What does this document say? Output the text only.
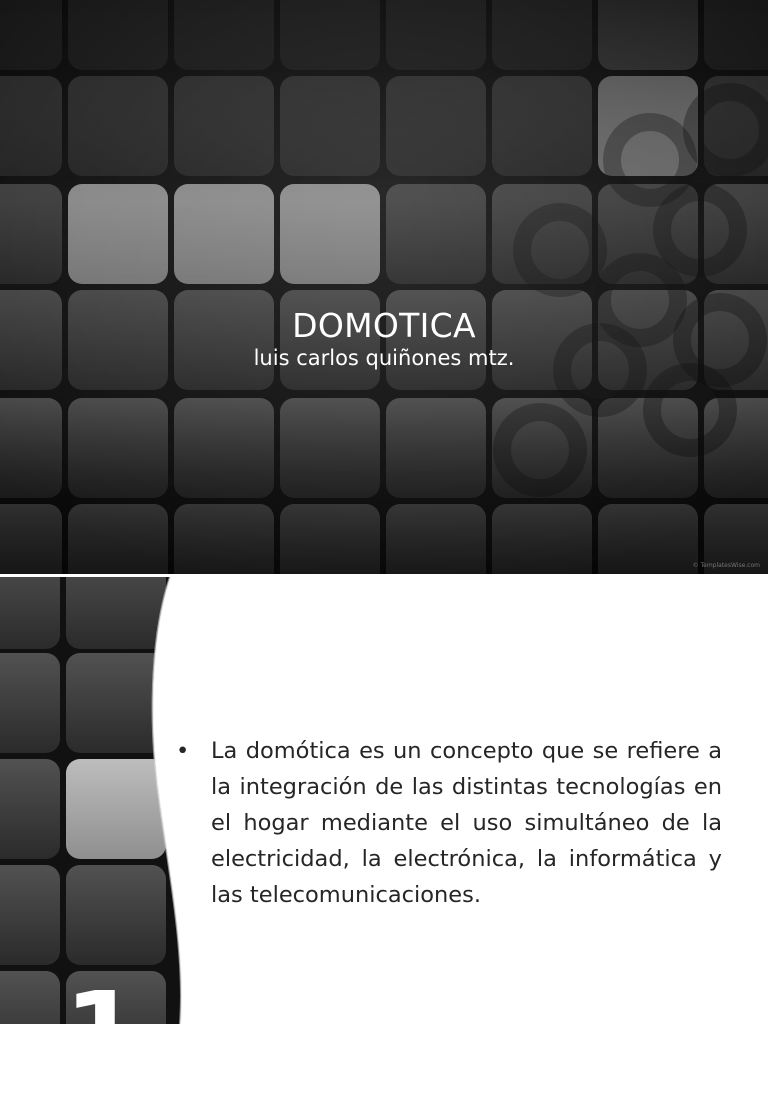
DOMOTICA
luis carlos quiñones mtz.
© TemplatesWise.com
• La domótica es un concepto que se refiere a la integración de las distintas tecnologías en el hogar mediante el uso simultáneo de la electricidad, la electrónica, la informática y las telecomunicaciones.
1
